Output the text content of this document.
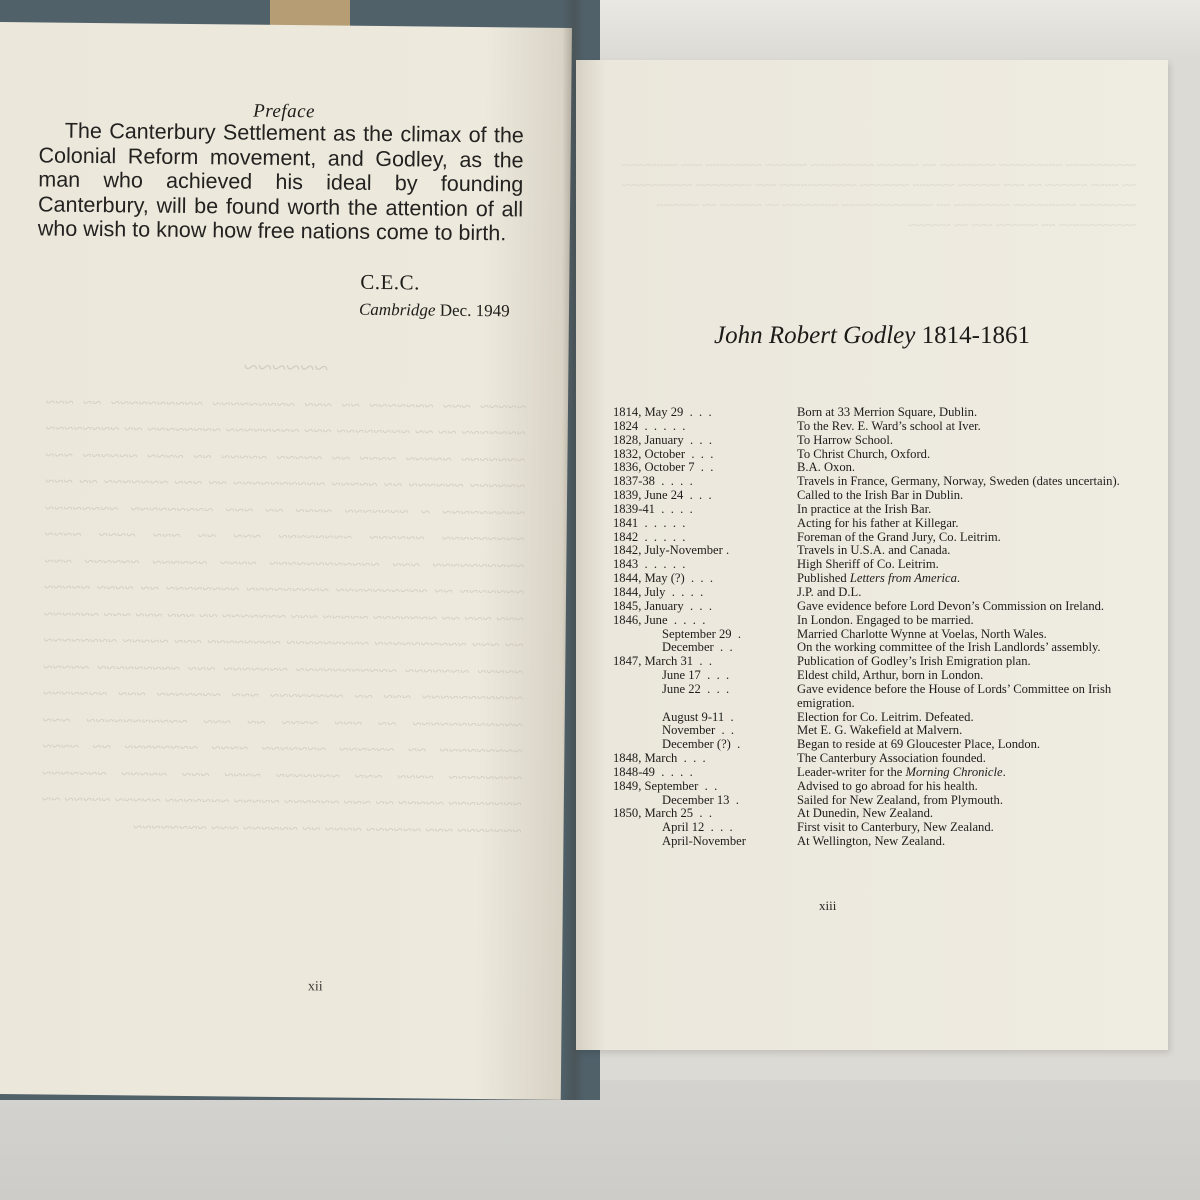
~~~~~~
~~~~~ ~~~ ~~~~~~~ ~~ ~~~ ~~~~~~~~~ ~~~~~~~~~~ ~~ ~~~ ~~~~~~~ ~~ ~~ ~~~~~~~~ ~~~ ~~~~~~~~ ~~~~~~~~ ~~ ~~~~~~~~ ~~~~~~~ ~~~~~ ~~~~ ~~ ~~~~~ ~~~~~ ~~ ~~~~ ~~~~~~ ~~~ ~~~~~~ ~~~~~~ ~~ ~~~~~ ~~~~~~~~~~ ~~ ~~~ ~~~~~~~ ~~ ~~~ ~~~~~~~~~ ~ ~~~~~~~ ~~~~ ~~ ~~~ ~~~~~~~~~ ~~~~~~~~ ~~~~~~~~~ ~~~~~~ ~~~~~~~~ ~~~ ~~ ~~~ ~~~~ ~~~~ ~~~~~~~~~~ ~~~ ~~~~~~~~~~~~ ~~~~ ~~~~~~ ~~~~~~ ~~~ ~~~~~~~ ~~ ~~~~~~~~~~ ~~~~~~~~~ ~~~~~~~~ ~~ ~~~~ ~~~~~ ~~~ ~~~ ~~ ~~~~~~~ ~~~~~ ~~~ ~~~~~~~ ~~ ~~~ ~~~ ~~~ ~~~~~~ ~~ ~~~ ~~~~~~~~~~ ~~~~~~~~~ ~~~~~~~~ ~~~ ~~~~~ ~~~~~~~~ ~~~~~ ~~~~~~~ ~~~~~~~~~~~ ~~~~~~~ ~~~ ~~~~~~~~~ ~~~~~ ~~~~~~~~~~~ ~~~ ~~ ~~~~~~~~ ~~~ ~~~~~~~ ~~~ ~~~~~~~ ~~~~~~~~~~~~ ~~ ~~~ ~~~~ ~~ ~~~ ~~~~~~~~~~~ ~~~ ~~~~~~~~~ ~~ ~~~~~~ ~~~~~~~ ~~~~ ~~~~~~~~ ~~ ~~~~ ~~~~~~~~ ~~~~ ~~~ ~~~~~~~ ~~~~ ~~~ ~~~~~ ~~~~~~~ ~~~~~~~~ ~~~~~ ~~ ~~~ ~~~~~~ ~~~~~ ~~~~~~~ ~~~~~ ~~~~~ ~~ ~~~~~~~ ~~~ ~~~~~~ ~~~~ ~~ ~~~~~~ ~~~ ~~~~~~~~
Preface
The Canterbury Settlement as the climax of the Colonial Reform movement, and Godley, as the man who achieved his ideal by founding Canterbury, will be found worth the attention of all who wish to know how free nations come to birth.
C.E.C.
Cambridge Dec. 1949
xii
~~~~~~~~~~ ~~~~~~~~~ ~~~~~~~~ ~~ ~~~~~~ ~~~~~~~~~ ~~~~~~ ~~~~~~~~ ~~~ ~~~~~~~~ ~~ ~~~~ ~~~~~~ ~~ ~~~ ~~~~~~ ~~~~~~ ~~~~~~~ ~~~~~~~~~~~ ~~~ ~~~~~~~~ ~~~~~~~~~~ ~~~~~~~~ ~~~~~~~~~ ~~~~~~~~ ~~ ~~~~~~~~~~~~~ ~~~~~~~~ ~~ ~~~~~~ ~~ ~~~~~~ ~~~~~~~~~~~ ~~ ~~~~~~ ~~~ ~~ ~~~~~~
John Robert Godley 1814-1861
1814, May 29  .  .  .	Born at 33 Merrion Square, Dublin.
1824  .  .  .  .  .	To the Rev. E. Ward’s school at Iver.
1828, January  .  .  .	To Harrow School.
1832, October  .  .  .	To Christ Church, Oxford.
1836, October 7  .  .	B.A. Oxon.
1837-38  .  .  .  .	Travels in France, Germany, Norway, Sweden (dates uncertain).
1839, June 24  .  .  .	Called to the Irish Bar in Dublin.
1839-41  .  .  .  .	In practice at the Irish Bar.
1841  .  .  .  .  .	Acting for his father at Killegar.
1842  .  .  .  .  .	Foreman of the Grand Jury, Co. Leitrim.
1842, July-November .	Travels in U.S.A. and Canada.
1843  .  .  .  .  .	High Sheriff of Co. Leitrim.
1844, May (?)  .  .  .	Published Letters from America.
1844, July  .  .  .  .	J.P. and D.L.
1845, January  .  .  .	Gave evidence before Lord Devon’s Commission on Ireland.
1846, June  .  .  .  .	In London. Engaged to be married.
September 29  .	Married Charlotte Wynne at Voelas, North Wales.
December  .  .	On the working committee of the Irish Landlords’ assembly.
1847, March 31  .  .	Publication of Godley’s Irish Emigration plan.
June 17  .  .  .	Eldest child, Arthur, born in London.
June 22  .  .  .	Gave evidence before the House of Lords’ Committee on Irish emigration.
August 9-11  .	Election for Co. Leitrim. Defeated.
November  .  .	Met E. G. Wakefield at Malvern.
December (?)  .	Began to reside at 69 Gloucester Place, London.
1848, March  .  .  .	The Canterbury Association founded.
1848-49  .  .  .  .	Leader-writer for the Morning Chronicle.
1849, September  .  .	Advised to go abroad for his health.
December 13  .	Sailed for New Zealand, from Plymouth.
1850, March 25  .  .	At Dunedin, New Zealand.
April 12  .  .  .	First visit to Canterbury, New Zealand.
April-November	At Wellington, New Zealand.
xiii
